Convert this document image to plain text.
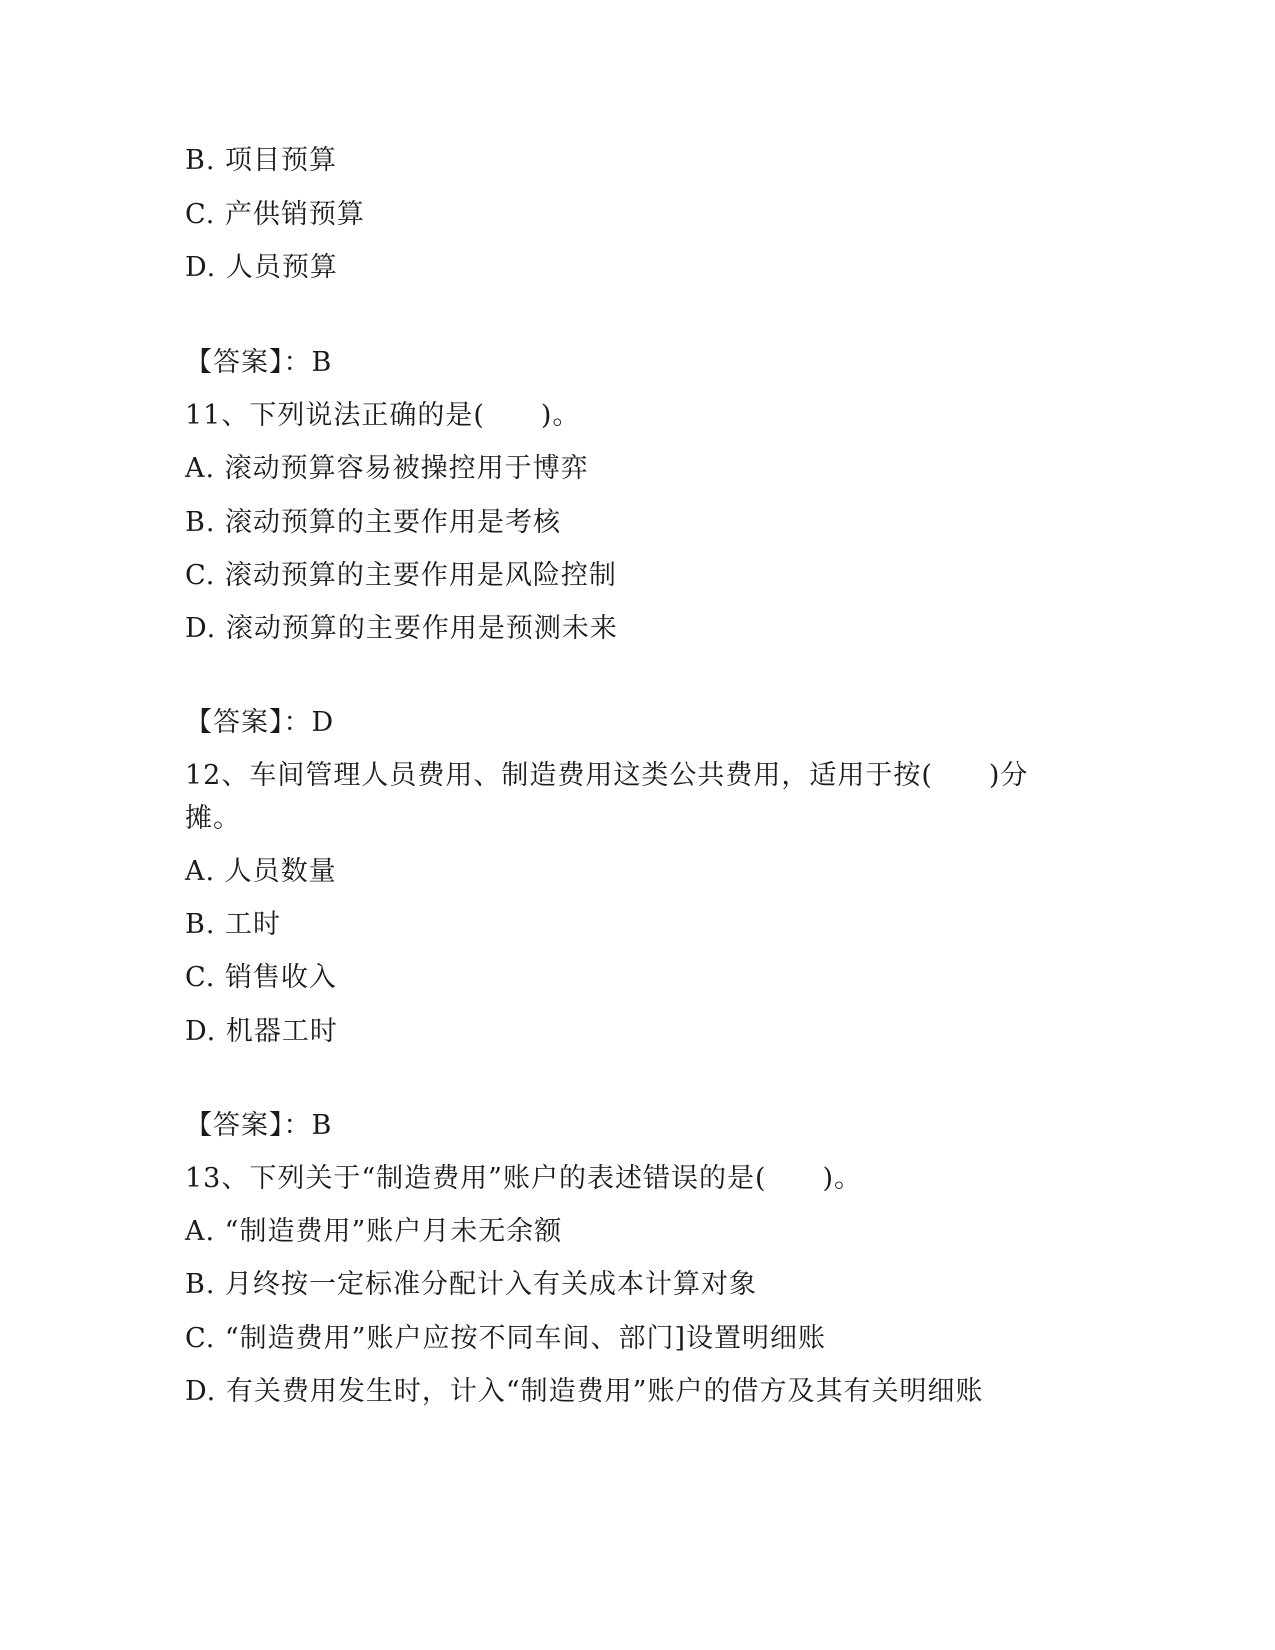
B. 项目预算
C. 产供销预算
D. 人员预算
【答案】：B
11、下列说法正确的是(　　)。
A. 滚动预算容易被操控用于博弈
B. 滚动预算的主要作用是考核
C. 滚动预算的主要作用是风险控制
D. 滚动预算的主要作用是预测未来
【答案】：D
12、车间管理人员费用、制造费用这类公共费用，适用于按(　　)分
摊。
A. 人员数量
B. 工时
C. 销售收入
D. 机器工时
【答案】：B
13、下列关于“制造费用”账户的表述错误的是(　　)。
A. “制造费用”账户月未无余额
B. 月终按一定标准分配计入有关成本计算对象
C. “制造费用”账户应按不同车间、部门]设置明细账
D. 有关费用发生时，计入“制造费用”账户的借方及其有关明细账
